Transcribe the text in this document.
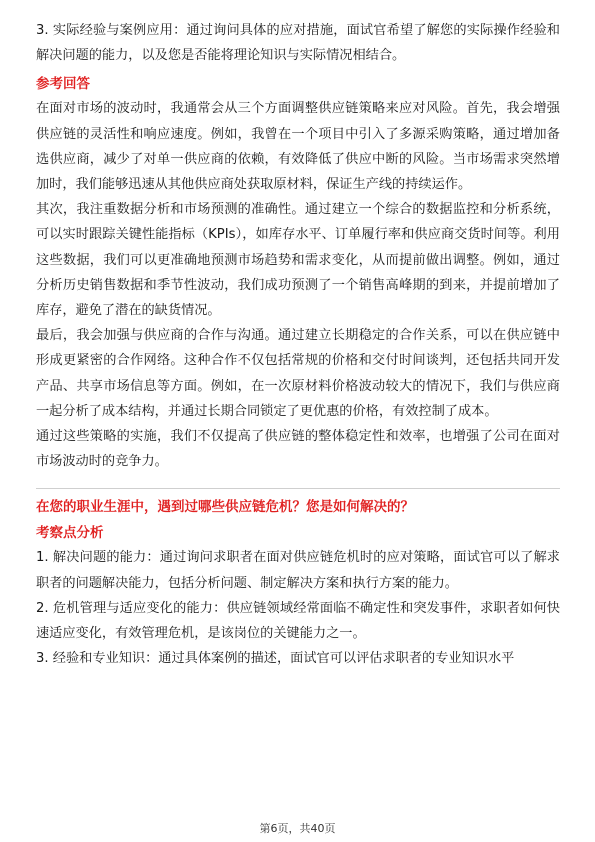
3. 实际经验与案例应用：通过询问具体的应对措施，面试官希望了解您的实际操作经验和解决问题的能力，以及您是否能将理论知识与实际情况相结合。

参考回答

在面对市场的波动时，我通常会从三个方面调整供应链策略来应对风险。首先，我会增强供应链的灵活性和响应速度。例如，我曾在一个项目中引入了多源采购策略，通过增加备选供应商，减少了对单一供应商的依赖，有效降低了供应中断的风险。当市场需求突然增加时，我们能够迅速从其他供应商处获取原材料，保证生产线的持续运作。

其次，我注重数据分析和市场预测的准确性。通过建立一个综合的数据监控和分析系统，可以实时跟踪关键性能指标（KPIs），如库存水平、订单履行率和供应商交货时间等。利用这些数据，我们可以更准确地预测市场趋势和需求变化，从而提前做出调整。例如，通过分析历史销售数据和季节性波动，我们成功预测了一个销售高峰期的到来，并提前增加了库存，避免了潜在的缺货情况。

最后，我会加强与供应商的合作与沟通。通过建立长期稳定的合作关系，可以在供应链中形成更紧密的合作网络。这种合作不仅包括常规的价格和交付时间谈判，还包括共同开发产品、共享市场信息等方面。例如，在一次原材料价格波动较大的情况下，我们与供应商一起分析了成本结构，并通过长期合同锁定了更优惠的价格，有效控制了成本。

通过这些策略的实施，我们不仅提高了供应链的整体稳定性和效率，也增强了公司在面对市场波动时的竞争力。

在您的职业生涯中，遇到过哪些供应链危机？您是如何解决的？

考察点分析

1. 解决问题的能力：通过询问求职者在面对供应链危机时的应对策略，面试官可以了解求职者的问题解决能力，包括分析问题、制定解决方案和执行方案的能力。

2. 危机管理与适应变化的能力：供应链领域经常面临不确定性和突发事件，求职者如何快速适应变化，有效管理危机，是该岗位的关键能力之一。

3. 经验和专业知识：通过具体案例的描述，面试官可以评估求职者的专业知识水平

第6页，共40页
